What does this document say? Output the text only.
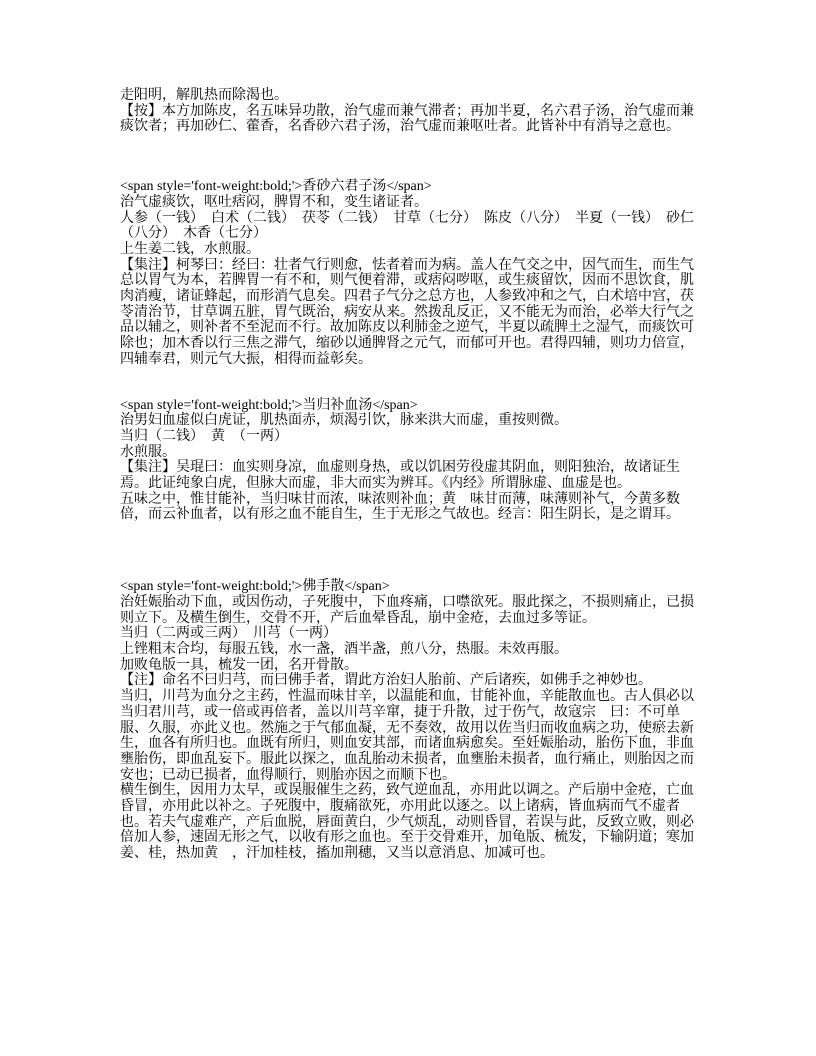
走阳明，解肌热而除渴也。

【按】本方加陈皮，名五味异功散，治气虚而兼气滞者；再加半夏，名六君子汤，治气虚而兼痰饮者；再加砂仁、藿香，名香砂六君子汤，治气虚而兼呕吐者。此皆补中有消导之意也。

<span style='font-weight:bold;'>香砂六君子汤</span>

治气虚痰饮，呕吐痞闷，脾胃不和，变生诸证者。

人参（一钱）　白术（二钱）　茯苓（二钱）　甘草（七分）　陈皮（八分）　半夏（一钱）　砂仁（八分）　木香（七分）

上生姜二钱，水煎服。

【集注】柯琴曰：经曰：壮者气行则愈，怯者着而为病。盖人在气交之中，因气而生，而生气总以胃气为本，若脾胃一有不和，则气便着滞，或痞闷哕呕，或生痰留饮，因而不思饮食，肌肉消瘦，诸证蜂起，而形消气息矣。四君子气分之总方也，人参致冲和之气，白术培中宫，茯苓清治节，甘草调五脏，胃气既治，病安从来。然拨乱反正，又不能无为而治，必举大行气之品以辅之，则补者不至泥而不行。故加陈皮以利肺金之逆气，半夏以疏脾土之湿气，而痰饮可除也；加木香以行三焦之滞气，缩砂以通脾肾之元气，而郁可开也。君得四辅，则功力倍宣，四辅奉君，则元气大振，相得而益彰矣。

<span style='font-weight:bold;'>当归补血汤</span>

治男妇血虚似白虎证，肌热面赤，烦渴引饮，脉来洪大而虚，重按则微。

当归（二钱）　黄　（一两）

水煎服。

【集注】吴琨曰：血实则身凉，血虚则身热，或以饥困劳役虚其阴血，则阳独治，故诸证生焉。此证纯象白虎，但脉大而虚，非大而实为辨耳。《内经》所谓脉虚、血虚是也。

五味之中，惟甘能补，当归味甘而浓，味浓则补血；黄　味甘而薄，味薄则补气，今黄多数倍，而云补血者，以有形之血不能自生，生于无形之气故也。经言：阳生阴长，是之谓耳。

<span style='font-weight:bold;'>佛手散</span>

治妊娠胎动下血，或因伤动，子死腹中，下血疼痛，口噤欲死。服此探之，不损则痛止，已损则立下。及横生倒生，交骨不开，产后血晕昏乱，崩中金疮，去血过多等证。

当归（二两或三两）　川芎（一两）

上锉粗末合均，每服五钱，水一盏，酒半盏，煎八分，热服。未效再服。

加败龟版一具，梳发一团，名开骨散。

【注】命名不曰归芎，而曰佛手者，谓此方治妇人胎前、产后诸疾，如佛手之神妙也。

当归，川芎为血分之主药，性温而味甘辛，以温能和血，甘能补血，辛能散血也。古人俱必以当归君川芎，或一倍或再倍者，盖以川芎辛窜，捷于升散，过于伤气，故寇宗　曰：不可单服、久服，亦此义也。然施之于气郁血凝，无不奏效，故用以佐当归而收血病之功，使瘀去新生，血各有所归也。血既有所归，则血安其部，而诸血病愈矣。至妊娠胎动，胎伤下血，非血壅胎伤，即血乱妄下。服此以探之，血乱胎动未损者，血壅胎未损者，血行痛止，则胎因之而安也；已动已损者，血得顺行，则胎亦因之而顺下也。

横生倒生，因用力太早，或误服催生之药，致气逆血乱，亦用此以调之。产后崩中金疮，亡血昏冒，亦用此以补之。子死腹中，腹痛欲死，亦用此以逐之。以上诸病，皆血病而气不虚者也。若夫气虚难产，产后血脱，唇面黄白，少气烦乱，动则昏冒，若误与此，反致立败，则必倍加人参，速固无形之气，以收有形之血也。至于交骨难开，加龟版、梳发，下输阴道；寒加姜、桂，热加黄　，汗加桂枝，搐加荆穗，又当以意消息、加减可也。
